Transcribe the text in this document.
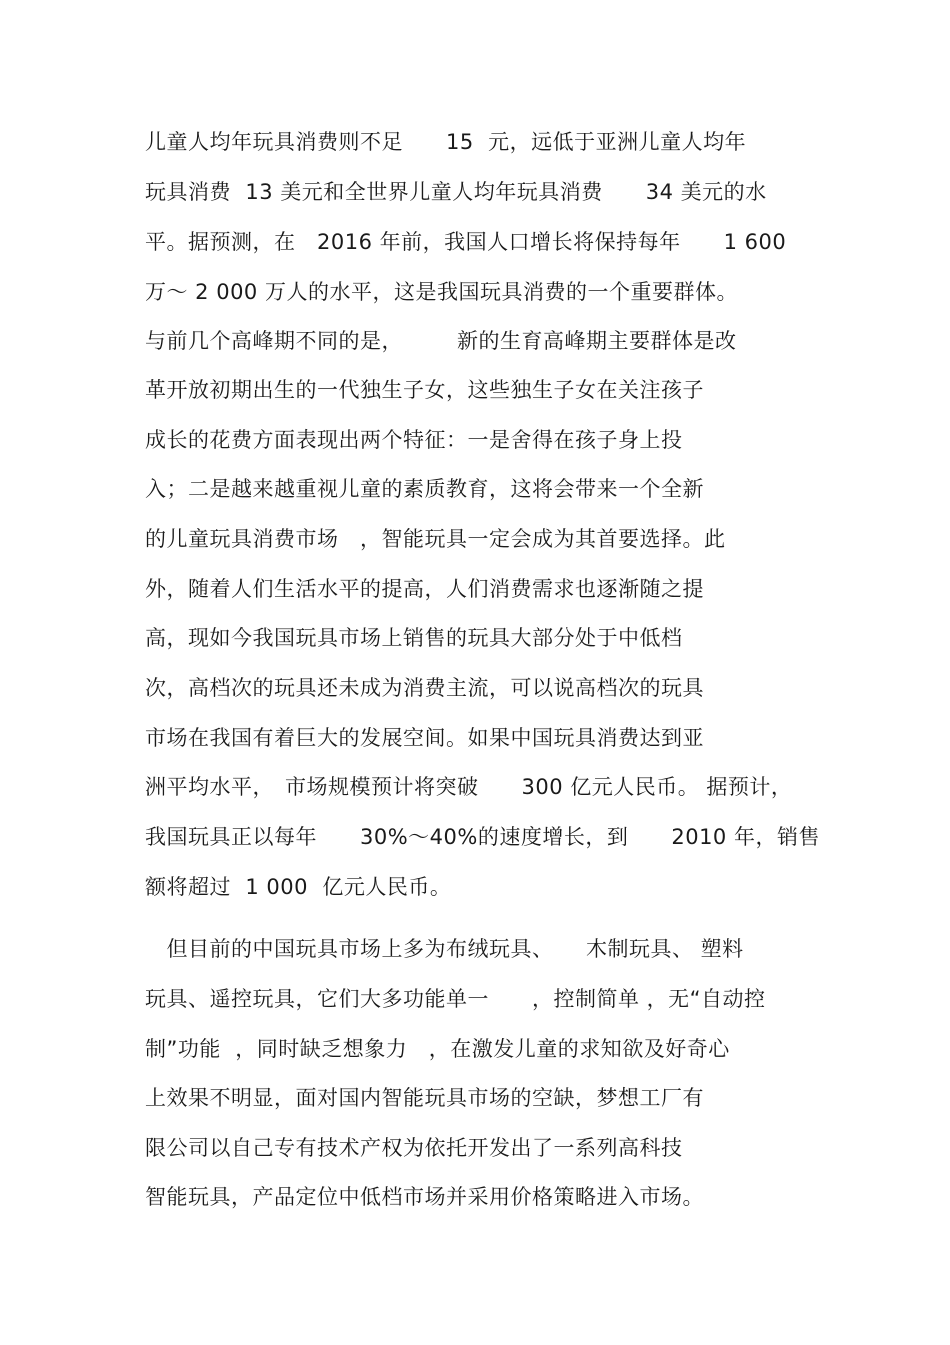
儿童人均年玩具消费则不足　　15  元，远低于亚洲儿童人均年
玩具消费  13 美元和全世界儿童人均年玩具消费　　34 美元的水
平。据预测，在　2016 年前，我国人口增长将保持每年　　1 600
万～ 2 000 万人的水平，这是我国玩具消费的一个重要群体。
与前几个高峰期不同的是，　　　新的生育高峰期主要群体是改
革开放初期出生的一代独生子女，这些独生子女在关注孩子
成长的花费方面表现出两个特征：一是舍得在孩子身上投
入；二是越来越重视儿童的素质教育，这将会带来一个全新
的儿童玩具消费市场　，智能玩具一定会成为其首要选择。此
外，随着人们生活水平的提高，人们消费需求也逐渐随之提
高，现如今我国玩具市场上销售的玩具大部分处于中低档
次，高档次的玩具还未成为消费主流，可以说高档次的玩具
市场在我国有着巨大的发展空间。如果中国玩具消费达到亚
洲平均水平，　市场规模预计将突破　　300 亿元人民币。 据预计，
我国玩具正以每年　　30%～40%的速度增长，到　　2010 年，销售
额将超过  1 000  亿元人民币。
　但目前的中国玩具市场上多为布绒玩具、　　木制玩具、 塑料
玩具、遥控玩具，它们大多功能单一　　，控制简单 ，无“自动控
制”功能  ，同时缺乏想象力　，在激发儿童的求知欲及好奇心
上效果不明显，面对国内智能玩具市场的空缺，梦想工厂有
限公司以自己专有技术产权为依托开发出了一系列高科技
智能玩具，产品定位中低档市场并采用价格策略进入市场。
